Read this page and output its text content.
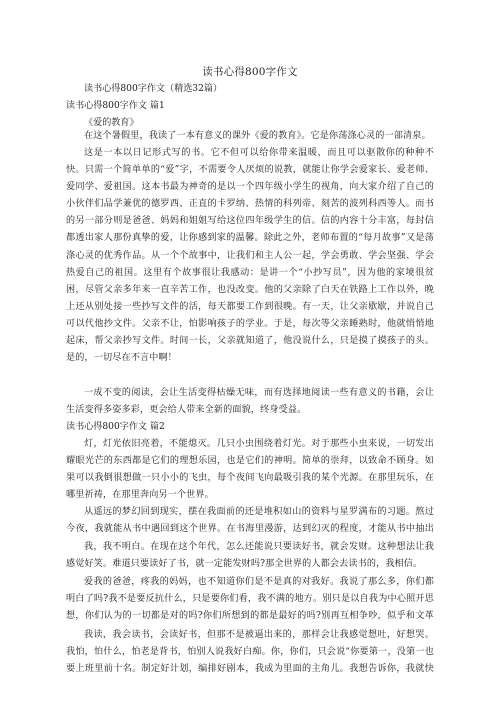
读书心得800字作文
读书心得800字作文（精选32篇）
读书心得800字作文 篇1
《爱的教育》
在这个暑假里，我读了一本有意义的课外《爱的教育》。它是你荡涤心灵的一部清泉。
这是一本以日记形式写的书。它不但可以给你带来温暖，而且可以驱散你的种种不快。只需一个简单单的“爱”字，不需要令人厌烦的说教，就能让你学会爱家长、爱老师、爱同学、爱祖国。这本书最为神奇的是以一个四年级小学生的视角，向大家介绍了自己的小伙伴们品学兼优的德罗西、正直的卡罗纳、热情的科列帝、刻苦的波列科西等人。而书的另一部分则是爸爸、妈妈和姐姐写给这位四年级学生的信。信的内容十分丰富，每封信都透出家人那份真挚的爱，让你感到家的温馨。除此之外，老师布置的“每月故事”又是荡涤心灵的优秀作品。从一个个故事中，让我们和主人公一起，学会勇敢、学会坚强、学会热爱自己的祖国。这里有个故事很让我感动：是讲一个“小抄写员”，因为他的家境很贫困，尽管父亲多年来一直辛苦工作，也没改变。他的父亲除了白天在铁路上工作以外，晚上还从别处接一些抄写文件的活，每天都要工作到很晚。有一天，让父亲歇歇，并说自己可以代他抄文件。父亲不让，怕影响孩子的学业。于是，每次等父亲睡熟时，他就悄悄地起床，帮父亲抄写文件。时间一长，父亲就知道了，他没说什么，只是摸了摸孩子的头。是的，一切尽在不言中啊！
一成不变的阅读，会让生活变得枯燥无味，而有选择地阅读一些有意义的书籍，会让生活变得多姿多彩，更会给人带来全新的面貌，终身受益。
读书心得800字作文 篇2
灯，灯光依旧亮着，不能熄灭。几只小虫围绕着灯光。对于那些小虫来说，一切发出耀眼光芒的东西都是它们的理想乐园，也是它们的神明。简单的崇拜，以致命不顾身。如果可以我倒很想做一只小小的飞虫，每个夜间飞向最吸引我的某个光源。在那里玩乐，在哪里祈祷，在那里奔向另一个世界。
从遥远的梦幻回到现实，摆在我面前的还是堆积如山的资料与星罗满布的习题。熬过今夜，我就能从书中遇回到这个世界。在书海里漫游，达到幻灭的程度，才能从书中抽出
我，我不明白。在现在这个年代，怎么还能说只要读好书，就会发财。这种想法让我感觉好笑。难道只要读好了书，就一定能发财吗?那全世界的人都会去读书的，我相信。
爱我的爸爸，疼我的妈妈，也不知道你们是不是真的对我好。我说了那么多，你们都明白了吗?我不是要反抗什么，只是要你们看，我不满的地方。别只是以自我为中心照开思想，你们认为的一切都是对的吗?你们所想到的都是最好的吗?别再互相争吵，似乎和文革
我读，我会读书，会读好书，但那不是被逼出来的，那样会让我感觉想吐，好想哭。我怕，怕什么，怕老是背书，怕别人说我好白痴。你，你们，只会说“你要第一，没第一也要上班里前十名。制定好计划，编排好剧本，我成为里面的主角儿。我想告诉你，我就快
